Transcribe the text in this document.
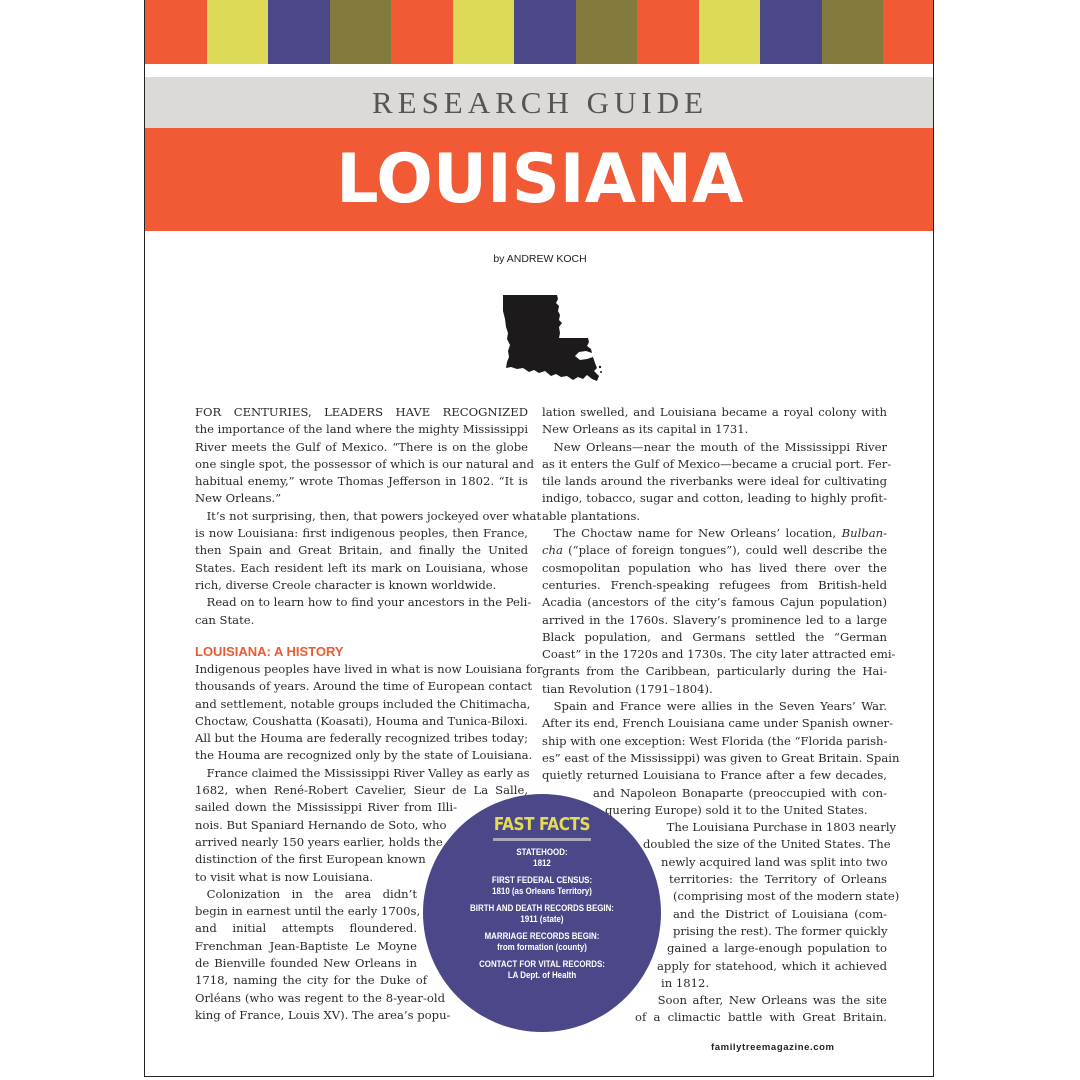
RESEARCH GUIDE
LOUISIANA
by ANDREW KOCH
FOR CENTURIES, LEADERS HAVE RECOGNIZED
the importance of the land where the mighty Mississippi
River meets the Gulf of Mexico. “There is on the globe
one single spot, the possessor of which is our natural and
habitual enemy,” wrote Thomas Jefferson in 1802. “It is
New Orleans.”
 It’s not surprising, then, that powers jockeyed over what
is now Louisiana: first indigenous peoples, then France,
then Spain and Great Britain, and finally the United
States. Each resident left its mark on Louisiana, whose
rich, diverse Creole character is known worldwide.
 Read on to learn how to find your ancestors in the Peli-
can State.
LOUISIANA: A HISTORY
Indigenous peoples have lived in what is now Louisiana for
thousands of years. Around the time of European contact
and settlement, notable groups included the Chitimacha,
Choctaw, Coushatta (Koasati), Houma and Tunica-Biloxi.
All but the Houma are federally recognized tribes today;
the Houma are recognized only by the state of Louisiana.
 France claimed the Mississippi River Valley as early as
1682, when René-Robert Cavelier, Sieur de La Salle,
sailed down the Mississippi River from Illi-
nois. But Spaniard Hernando de Soto, who
arrived nearly 150 years earlier, holds the
distinction of the first European known
to visit what is now Louisiana.
 Colonization in the area didn’t
begin in earnest until the early 1700s,
and initial attempts floundered.
Frenchman Jean-Baptiste Le Moyne
de Bienville founded New Orleans in
1718, naming the city for the Duke of
Orléans (who was regent to the 8-year-old
king of France, Louis XV). The area’s popu-
lation swelled, and Louisiana became a royal colony with
New Orleans as its capital in 1731.
 New Orleans—near the mouth of the Mississippi River
as it enters the Gulf of Mexico—became a crucial port. Fer-
tile lands around the riverbanks were ideal for cultivating
indigo, tobacco, sugar and cotton, leading to highly profit-
able plantations.
 The Choctaw name for New Orleans’ location, Bulban-
cha (“place of foreign tongues”), could well describe the
cosmopolitan population who has lived there over the
centuries. French-speaking refugees from British-held
Acadia (ancestors of the city’s famous Cajun population)
arrived in the 1760s. Slavery’s prominence led to a large
Black population, and Germans settled the “German
Coast” in the 1720s and 1730s. The city later attracted emi-
grants from the Caribbean, particularly during the Hai-
tian Revolution (1791–1804).
 Spain and France were allies in the Seven Years’ War.
After its end, French Louisiana came under Spanish owner-
ship with one exception: West Florida (the “Florida parish-
es” east of the Mississippi) was given to Great Britain. Spain
quietly returned Louisiana to France after a few decades,
and Napoleon Bonaparte (preoccupied with con-
quering Europe) sold it to the United States.
 The Louisiana Purchase in 1803 nearly
doubled the size of the United States. The
newly acquired land was split into two
territories: the Territory of Orleans
(comprising most of the modern state)
and the District of Louisiana (com-
prising the rest). The former quickly
gained a large-enough population to
apply for statehood, which it achieved
in 1812.
 Soon after, New Orleans was the site
of a climactic battle with Great Britain.
FAST FACTS
STATEHOOD:
1812
FIRST FEDERAL CENSUS:
1810 (as Orleans Territory)
BIRTH AND DEATH RECORDS BEGIN:
1911 (state)
MARRIAGE RECORDS BEGIN:
from formation (county)
CONTACT FOR VITAL RECORDS:
LA Dept. of Health
familytreemagazine.com
